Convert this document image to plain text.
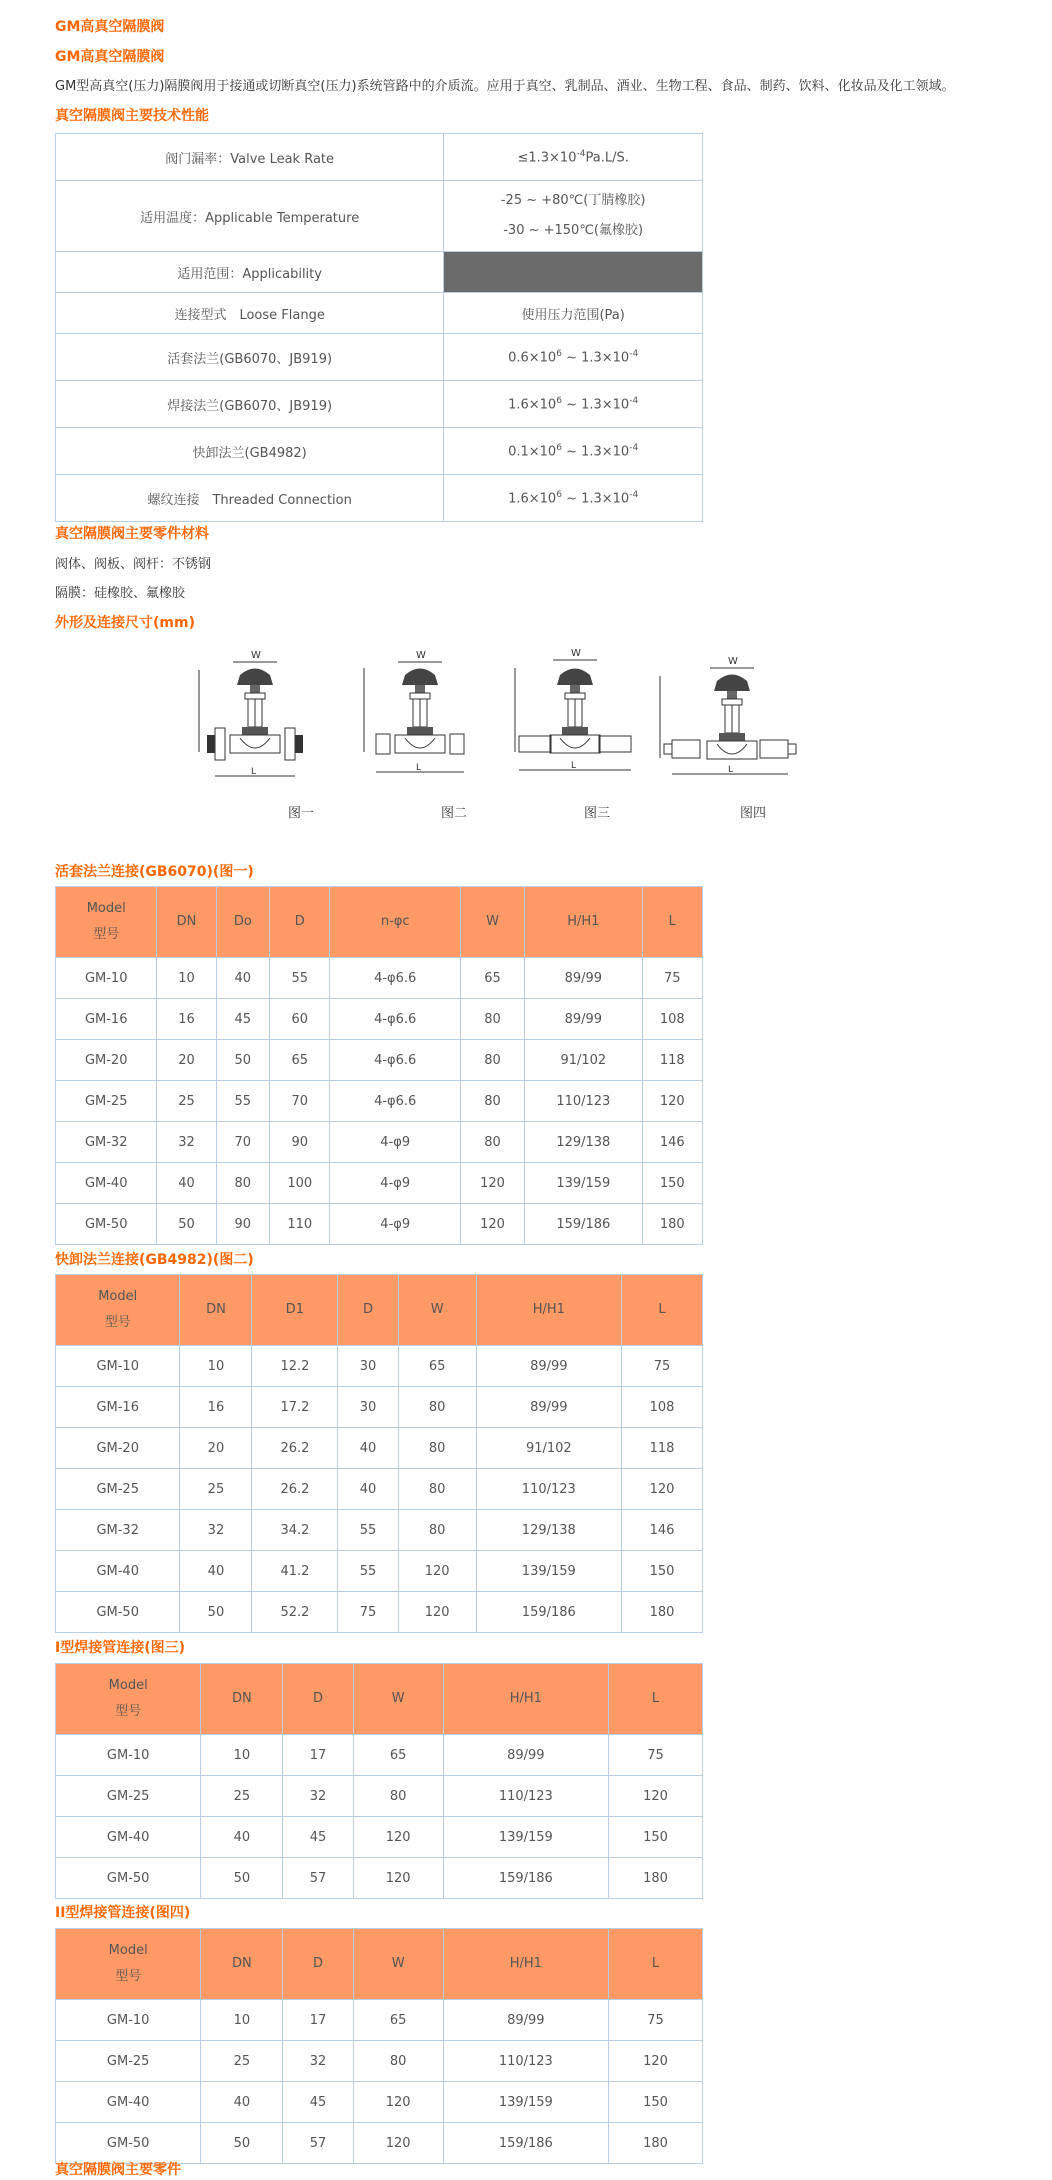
GM高真空隔膜阀
GM高真空隔膜阀
GM型高真空(压力)隔膜阀用于接通或切断真空(压力)系统管路中的介质流。应用于真空、乳制品、酒业、生物工程、食品、制药、饮料、化妆品及化工领域。
真空隔膜阀主要技术性能
阀门漏率：Valve Leak Rate	$\le 1.3\times 10^{-4}Pa.L/S$.
适用温度：Applicable Temperature	-25 ~ +80℃(丁腈橡胶)
-30 ~ +150℃(氟橡胶)

适用范围：Applicability	
连接型式　Loose Flange	使用压力范围(Pa)
活套法兰(GB6070、JB919)	$0.6\times 10^6$ ~ $1.3\times 10^{-4}$
焊接法兰(GB6070、JB919)	$1.6\times 10^6$ ~ $1.3\times 10^{-4}$
快卸法兰(GB4982)	$0.1\times 10^6$ ~ $1.3\times 10^{-4}$
螺纹连接　Threaded Connection	$1.6\times 10^6$ ~ $1.3\times 10^{-4}$
真空隔膜阀主要零件材料
阀体、阀板、阀杆：不锈钢
隔膜：硅橡胶、氟橡胶
外形及连接尺寸(mm)
活套法兰连接(GB6070)(图一)
Model
型号	DN	Do	D	n-φc	W	H/H1	L
GM-10	10	40	55	4-φ6.6	65	89/99	75
GM-16	16	45	60	4-φ6.6	80	89/99	108
GM-20	20	50	65	4-φ6.6	80	91/102	118
GM-25	25	55	70	4-φ6.6	80	110/123	120
GM-32	32	70	90	4-φ9	80	129/138	146
GM-40	40	80	100	4-φ9	120	139/159	150
GM-50	50	90	110	4-φ9	120	159/186	180
快卸法兰连接(GB4982)(图二)
Model
型号	DN	D1	D	W	H/H1	L
GM-10	10	12.2	30	65	89/99	75
GM-16	16	17.2	30	80	89/99	108
GM-20	20	26.2	40	80	91/102	118
GM-25	25	26.2	40	80	110/123	120
GM-32	32	34.2	55	80	129/138	146
GM-40	40	41.2	55	120	139/159	150
GM-50	50	52.2	75	120	159/186	180
I型焊接管连接(图三)
Model
型号	DN	D	W	H/H1	L
GM-10	10	17	65	89/99	75
GM-25	25	32	80	110/123	120
GM-40	40	45	120	139/159	150
GM-50	50	57	120	159/186	180
II型焊接管连接(图四)
Model
型号	DN	D	W	H/H1	L
GM-10	10	17	65	89/99	75
GM-25	25	32	80	110/123	120
GM-40	40	45	120	139/159	150
GM-50	50	57	120	159/186	180
真空隔膜阀主要零件
W
L
W
L
W
L
W
L
图一	图二	图三	图四
